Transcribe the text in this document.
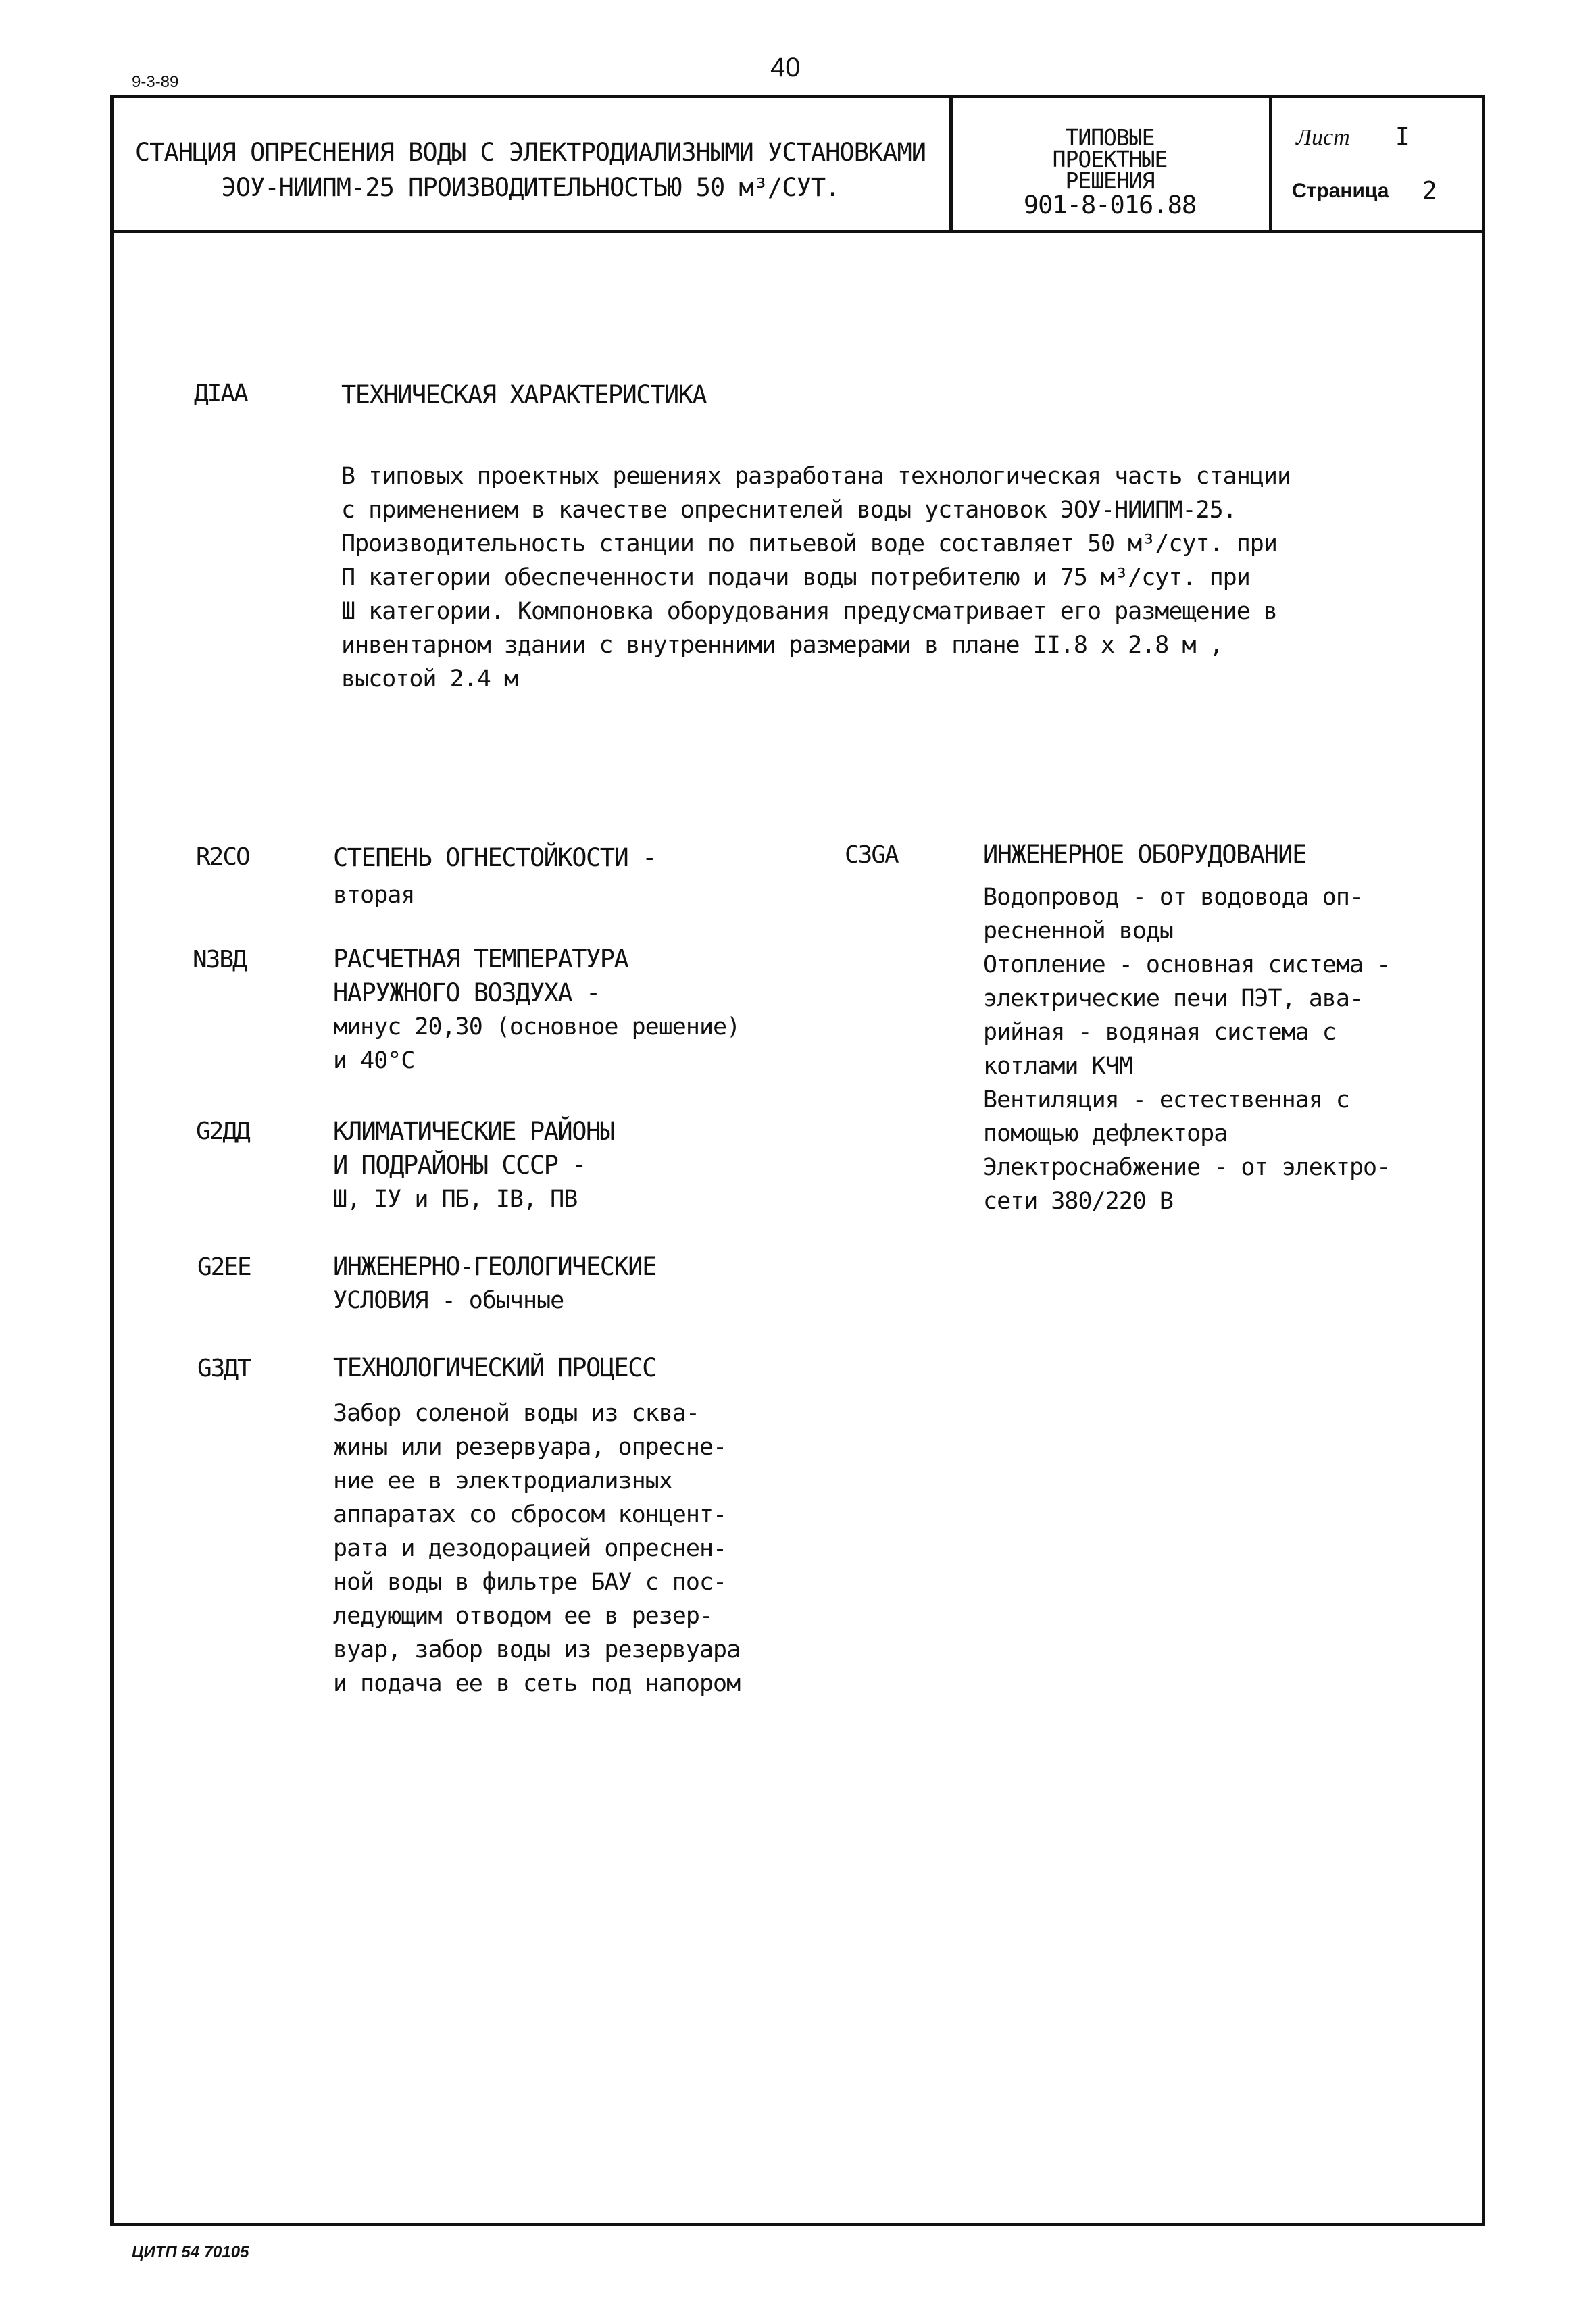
9-3-89	40
СТАНЦИЯ ОПРЕСНЕНИЯ ВОДЫ С ЭЛЕКТРОДИАЛИЗНЫМИ УСТАНОВКАМИ
ЭОУ-НИИПМ-25 ПРОИЗВОДИТЕЛЬНОСТЬЮ 50 м³/СУТ.
ТИПОВЫЕ
ПРОЕКТНЫЕ
РЕШЕНИЯ
901-8-016.88
Лист I
Страница 2
ДIАА	ТЕХНИЧЕСКАЯ ХАРАКТЕРИСТИКА
В типовых проектных решениях разработана технологическая часть станции
с применением в качестве опреснителей воды установок ЭОУ-НИИПМ-25.
Производительность станции по питьевой воде составляет 50 м³/сут. при
П категории обеспеченности подачи воды потребителю и 75 м³/сут. при
Ш категории. Компоновка оборудования предусматривает его размещение в
инвентарном здании с внутренними размерами в плане II.8 х 2.8 м ,
высотой 2.4 м
R2СО	СТЕПЕНЬ ОГНЕСТОЙКОСТИ -
вторая
NЗВД	РАСЧЕТНАЯ ТЕМПЕРАТУРА
НАРУЖНОГО ВОЗДУХА -
минус 20,30 (основное решение)
и 40°С
G2ДД	КЛИМАТИЧЕСКИЕ РАЙОНЫ
И ПОДРАЙОНЫ СССР -
Ш, IУ и ПБ, IВ, ПВ
G2ЕЕ	ИНЖЕНЕРНО-ГЕОЛОГИЧЕСКИЕ
УСЛОВИЯ - обычные
G3ДТ	ТЕХНОЛОГИЧЕСКИЙ ПРОЦЕСС
Забор соленой воды из сква-
жины или резервуара, опресне-
ние ее в электродиализных
аппаратах со сбросом концент-
рата и дезодорацией опреснен-
ной воды в фильтре БАУ с пос-
ледующим отводом ее в резер-
вуар, забор воды из резервуара
и подача ее в сеть под напором
СЗGА	ИНЖЕНЕРНОЕ ОБОРУДОВАНИЕ
Водопровод - от водовода оп-
ресненной воды
Отопление - основная система -
электрические печи ПЭТ, ава-
рийная - водяная система с
котлами КЧМ
Вентиляция - естественная с
помощью дефлектора
Электроснабжение - от электро-
сети 380/220 В
ЦИТП 54 70105
